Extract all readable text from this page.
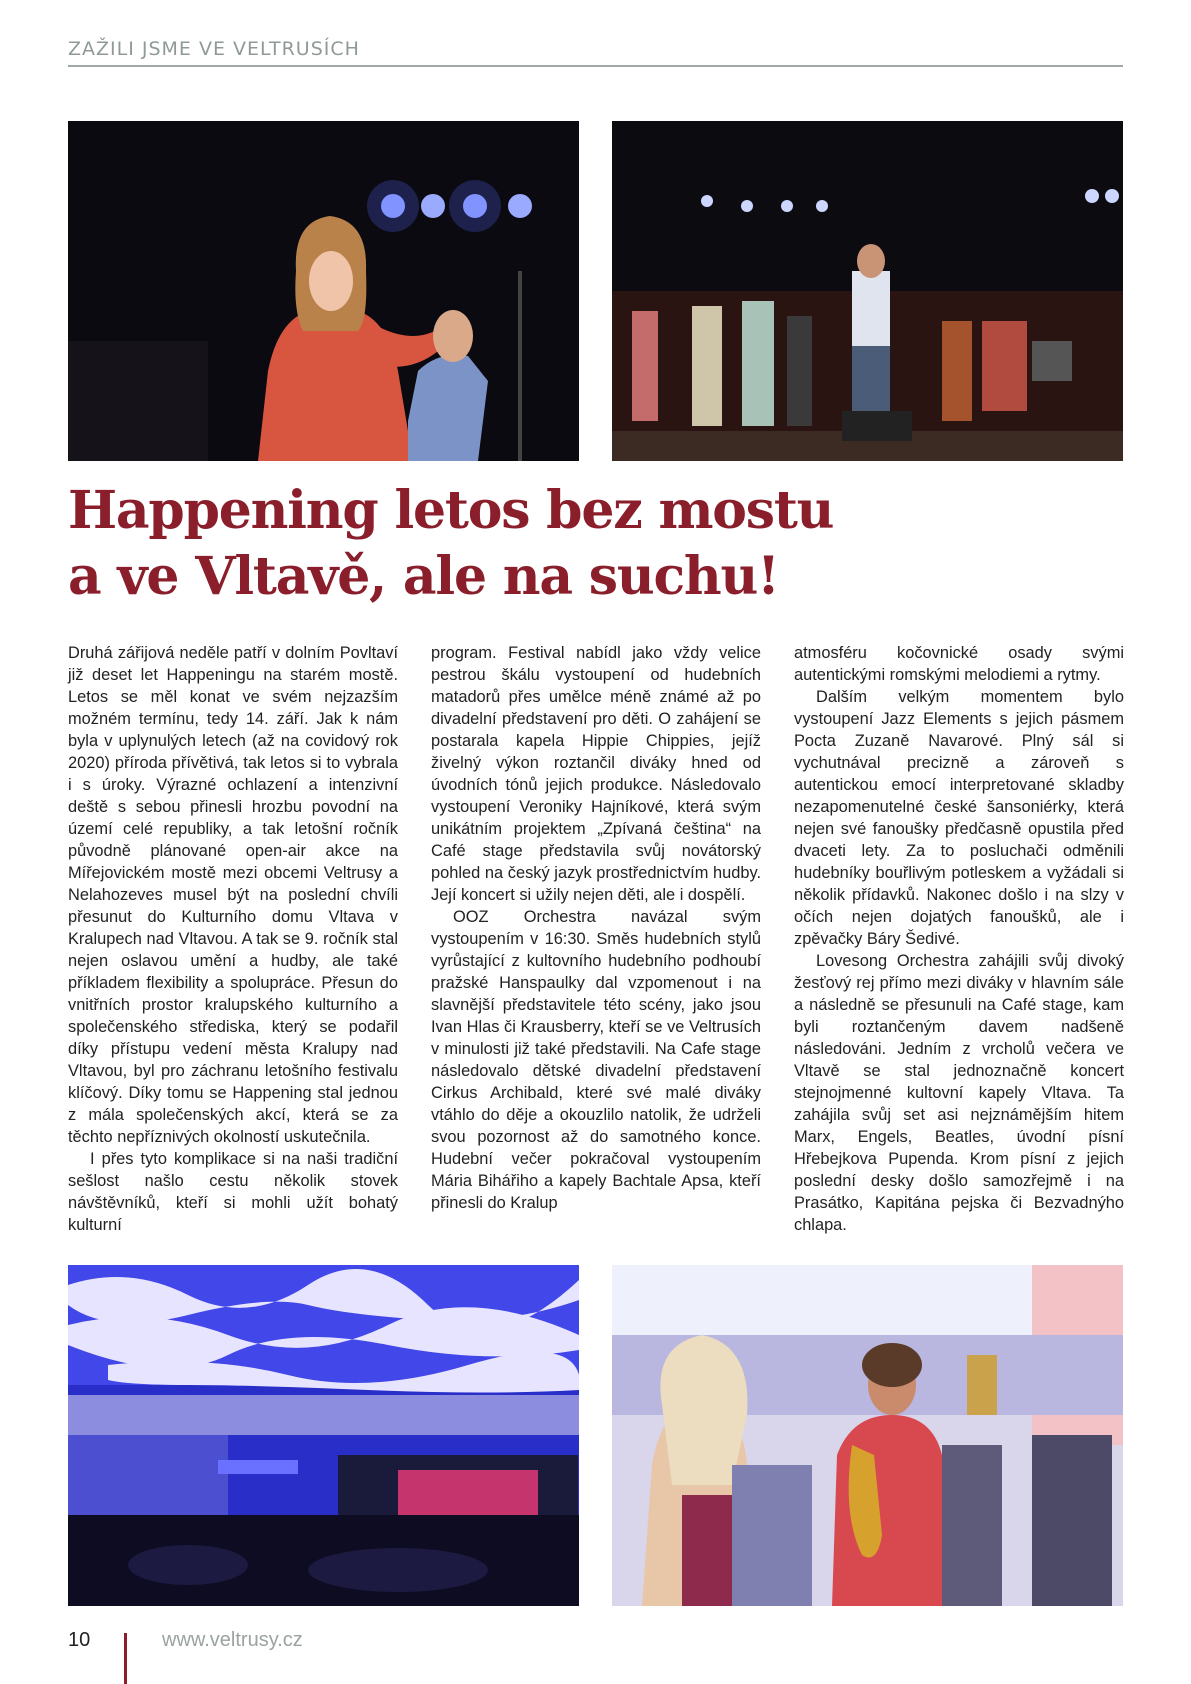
ZAŽILI JSME VE VELTRUSÍCH
Happening letos bez mostu
a ve Vltavě, ale na suchu!

Druhá zářijová neděle patří v dolním Povltaví již deset let Happeningu na starém mostě. Letos se měl konat ve svém nejzazším možném termínu, tedy 14. září. Jak k nám byla v uplynulých letech (až na covidový rok 2020) příroda přívětivá, tak letos si to vybrala i s úroky. Výrazné ochlazení a intenzivní deště s sebou přinesli hrozbu povodní na území celé republiky, a tak letošní ročník původně plánované open-air akce na Mířejovickém mostě mezi obcemi Veltrusy a Nelahozeves musel být na poslední chvíli přesunut do Kulturního domu Vltava v Kralupech nad Vltavou. A tak se 9. ročník stal nejen oslavou umění a hudby, ale také příkladem flexibility a spolupráce. Přesun do vnitřních prostor kralupského kulturního a společenského střediska, který se podařil díky přístupu vedení města Kralupy nad Vltavou, byl pro záchranu letošního festivalu klíčový. Díky tomu se Happening stal jednou z mála společenských akcí, která se za těchto nepříznivých okolností uskutečnila.

I přes tyto komplikace si na naši tradiční sešlost našlo cestu několik stovek návštěvníků, kteří si mohli užít bohatý kulturní

program. Festival nabídl jako vždy velice pestrou škálu vystoupení od hudebních matadorů přes umělce méně známé až po divadelní představení pro děti. O zahájení se postarala kapela Hippie Chippies, jejíž živelný výkon roztančil diváky hned od úvodních tónů jejich produkce. Následovalo vystoupení Veroniky Hajníkové, která svým unikátním projektem „Zpívaná čeština“ na Café stage představila svůj novátorský pohled na český jazyk prostřednictvím hudby. Její koncert si užily nejen děti, ale i dospělí.

OOZ Orchestra navázal svým vystoupením v 16:30. Směs hudebních stylů vyrůstající z kultovního hudebního podhoubí pražské Hanspaulky dal vzpomenout i na slavnější představitele této scény, jako jsou Ivan Hlas či Krausberry, kteří se ve Veltrusích v minulosti již také představili. Na Cafe stage následovalo dětské divadelní představení Cirkus Archibald, které své malé diváky vtáhlo do děje a okouzlilo natolik, že udrželi svou pozornost až do samotného konce. Hudební večer pokračoval vystoupením Mária Bihářiho a kapely Bachtale Apsa, kteří přinesli do Kralup

atmosféru kočovnické osady svými autentickými romskými melodiemi a rytmy.

Dalším velkým momentem bylo vystoupení Jazz Elements s jejich pásmem Pocta Zuzaně Navarové. Plný sál si vychutnával precizně a zároveň s autentickou emocí interpretované skladby nezapomenutelné české šansoniérky, která nejen své fanoušky předčasně opustila před dvaceti lety. Za to posluchači odměnili hudebníky bouřlivým potleskem a vyžádali si několik přídavků. Nakonec došlo i na slzy v očích nejen dojatých fanoušků, ale i zpěvačky Báry Šedivé.

Lovesong Orchestra zahájili svůj divoký žesťový rej přímo mezi diváky v hlavním sále a následně se přesunuli na Café stage, kam byli roztančeným davem nadšeně následováni. Jedním z vrcholů večera ve Vltavě se stal jednoznačně koncert stejnojmenné kultovní kapely Vltava. Ta zahájila svůj set asi nejznámějším hitem Marx, Engels, Beatles, úvodní písní Hřebejkova Pupenda. Krom písní z jejich poslední desky došlo samozřejmě i na Prasátko, Kapitána pejska či Bezvadnýho chlapa.

10	www.veltrusy.cz
